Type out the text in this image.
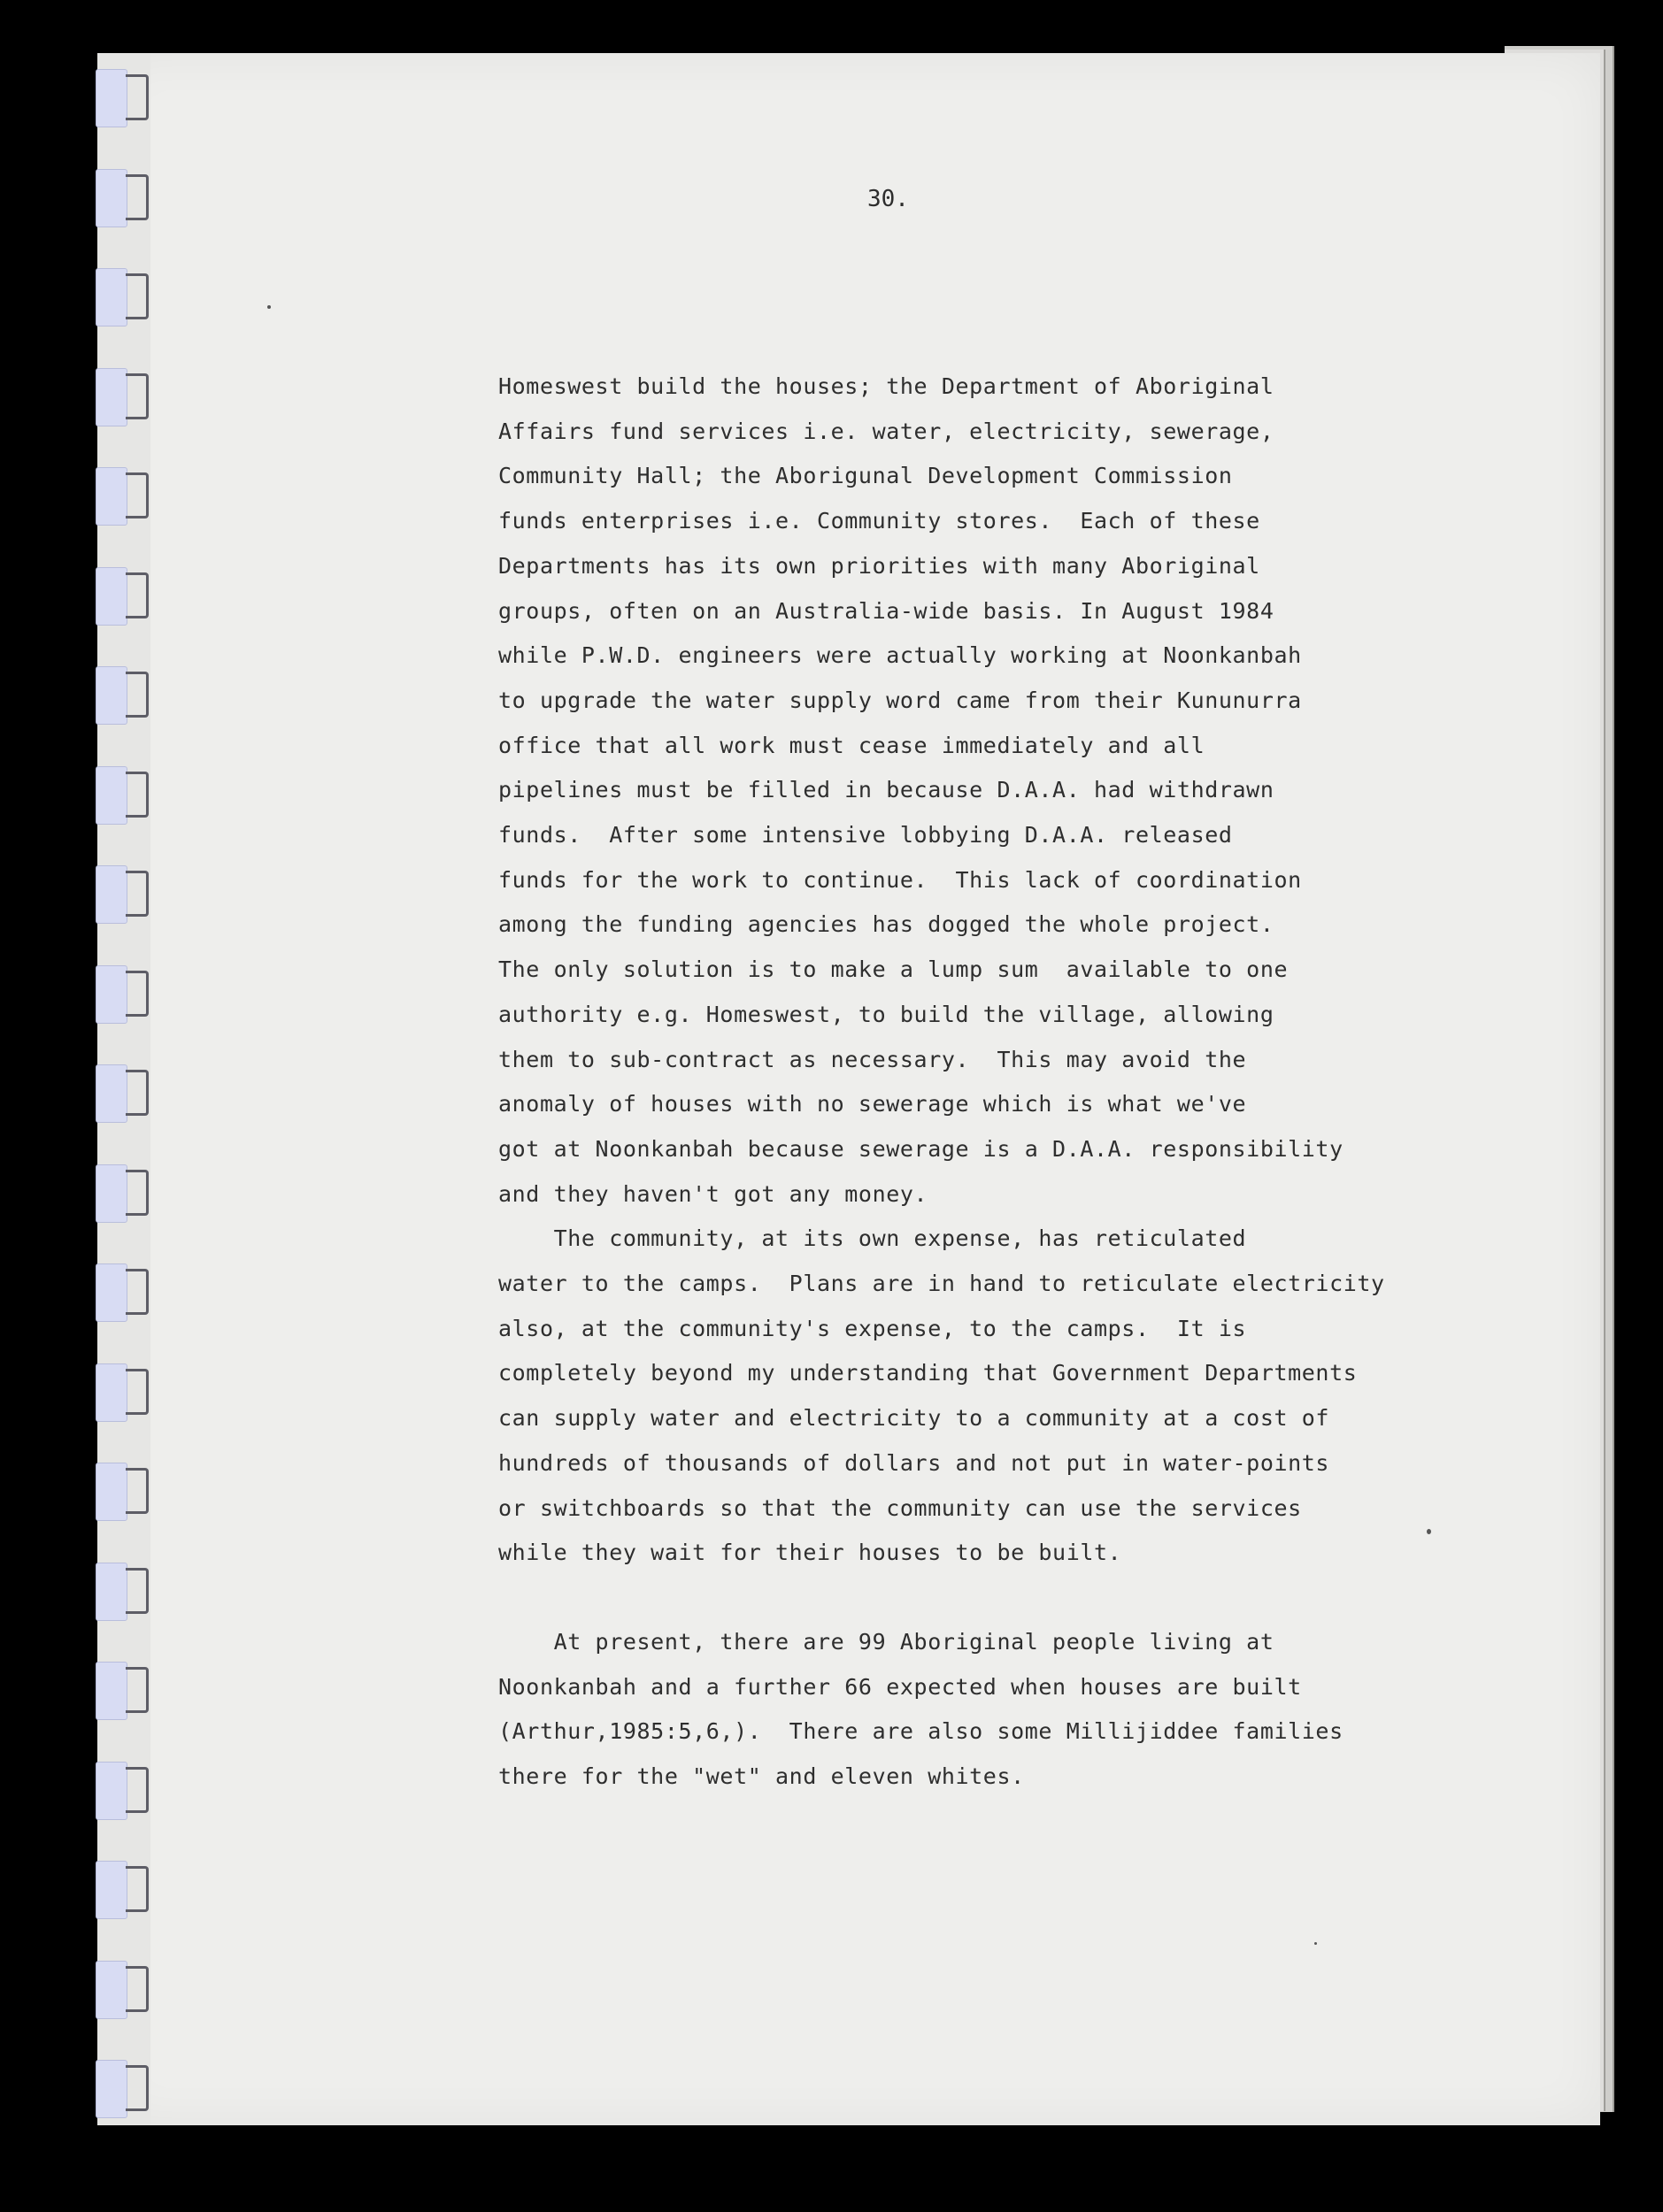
30.

Homeswest build the houses; the Department of Aboriginal
Affairs fund services i.e. water, electricity, sewerage,
Community Hall; the Aborigunal Development Commission
funds enterprises i.e. Community stores.  Each of these
Departments has its own priorities with many Aboriginal
groups, often on an Australia-wide basis. In August 1984
while P.W.D. engineers were actually working at Noonkanbah
to upgrade the water supply word came from their Kununurra
office that all work must cease immediately and all
pipelines must be filled in because D.A.A. had withdrawn
funds.  After some intensive lobbying D.A.A. released
funds for the work to continue.  This lack of coordination
among the funding agencies has dogged the whole project.
The only solution is to make a lump sum  available to one
authority e.g. Homeswest, to build the village, allowing
them to sub-contract as necessary.  This may avoid the
anomaly of houses with no sewerage which is what we've
got at Noonkanbah because sewerage is a D.A.A. responsibility
and they haven't got any money.
The community, at its own expense, has reticulated
water to the camps.  Plans are in hand to reticulate electricity
also, at the community's expense, to the camps.  It is
completely beyond my understanding that Government Departments
can supply water and electricity to a community at a cost of
hundreds of thousands of dollars and not put in water-points
or switchboards so that the community can use the services
while they wait for their houses to be built.
At present, there are 99 Aboriginal people living at
Noonkanbah and a further 66 expected when houses are built
(Arthur,1985:5,6,).  There are also some Millijiddee families
there for the "wet" and eleven whites.
